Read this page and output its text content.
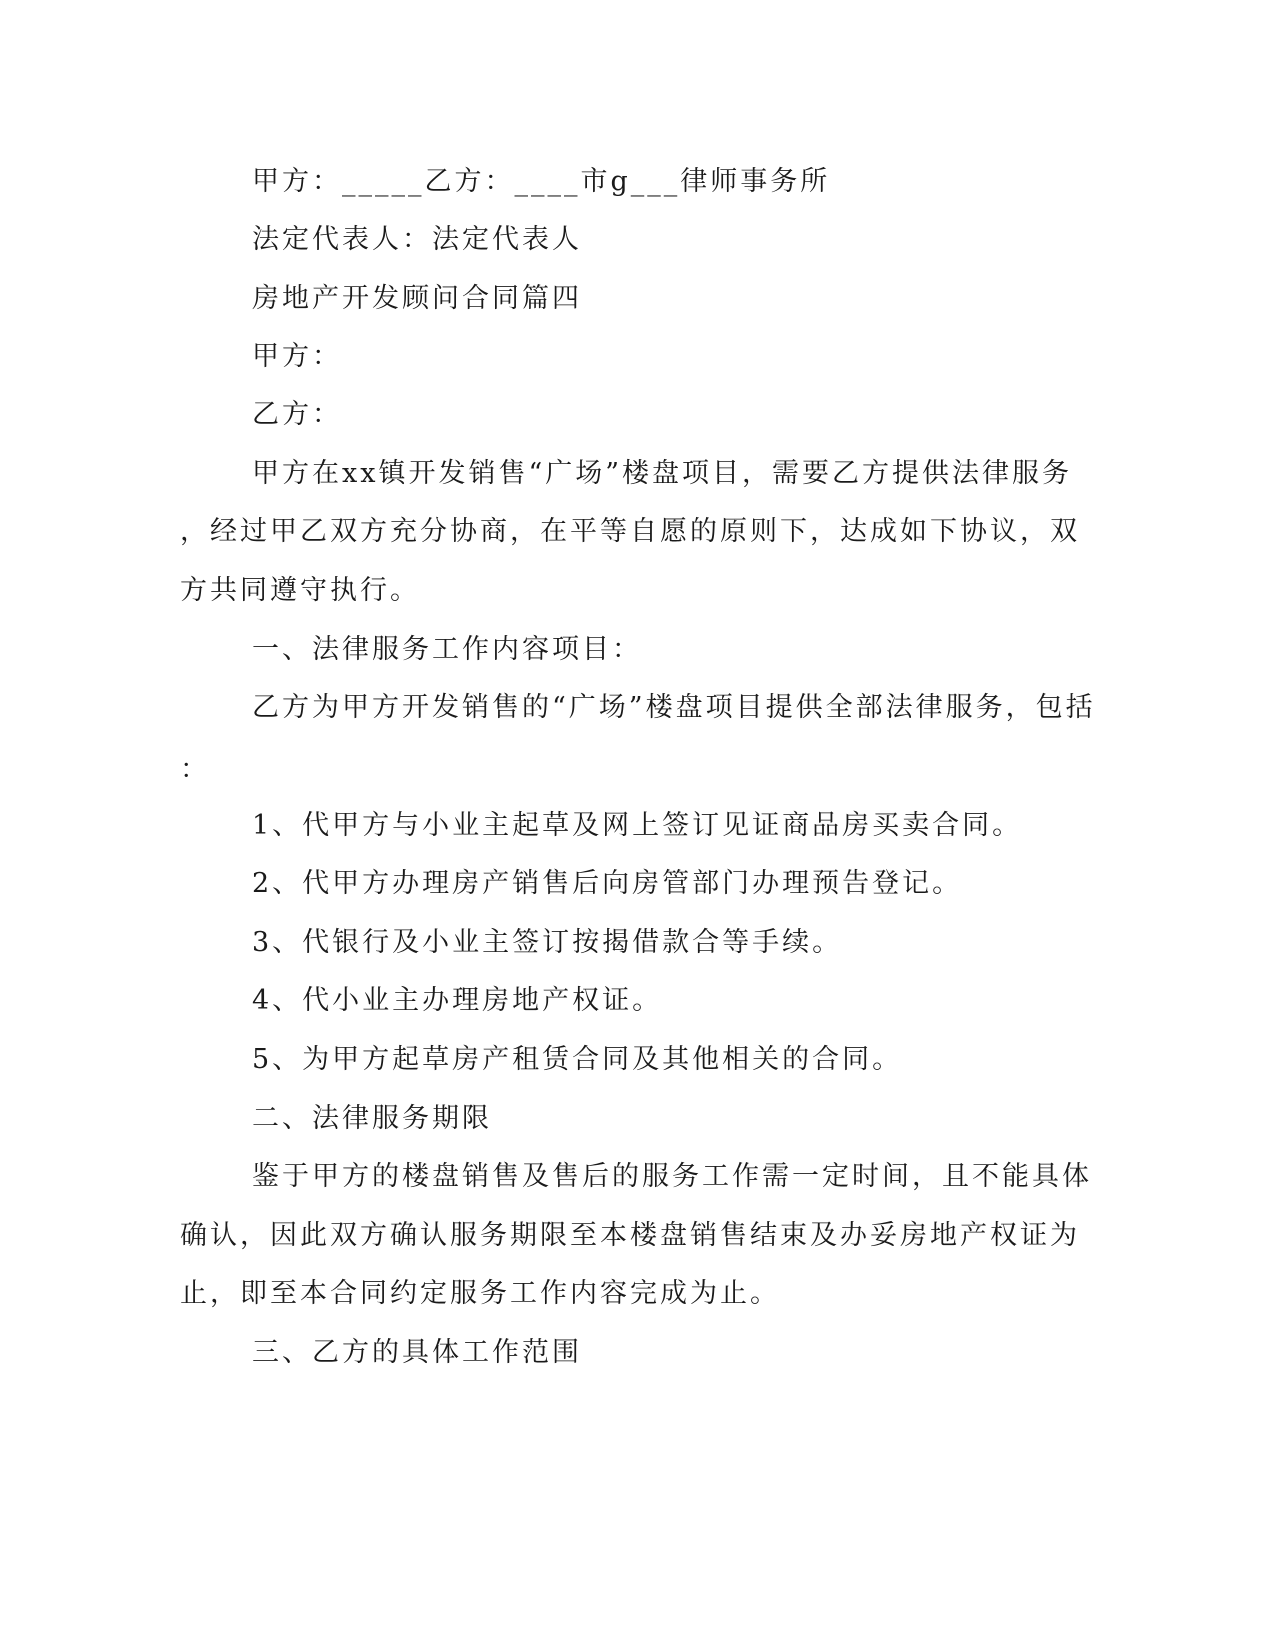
甲方：_____乙方：____市g___律师事务所
法定代表人：法定代表人
房地产开发顾问合同篇四
甲方：
乙方：
甲方在xx镇开发销售“广场”楼盘项目，需要乙方提供法律服务
，经过甲乙双方充分协商，在平等自愿的原则下，达成如下协议，双
方共同遵守执行。
一、法律服务工作内容项目：
乙方为甲方开发销售的“广场”楼盘项目提供全部法律服务，包括
：
1、代甲方与小业主起草及网上签订见证商品房买卖合同。
2、代甲方办理房产销售后向房管部门办理预告登记。
3、代银行及小业主签订按揭借款合等手续。
4、代小业主办理房地产权证。
5、为甲方起草房产租赁合同及其他相关的合同。
二、法律服务期限
鉴于甲方的楼盘销售及售后的服务工作需一定时间，且不能具体
确认，因此双方确认服务期限至本楼盘销售结束及办妥房地产权证为
止，即至本合同约定服务工作内容完成为止。
三、乙方的具体工作范围
